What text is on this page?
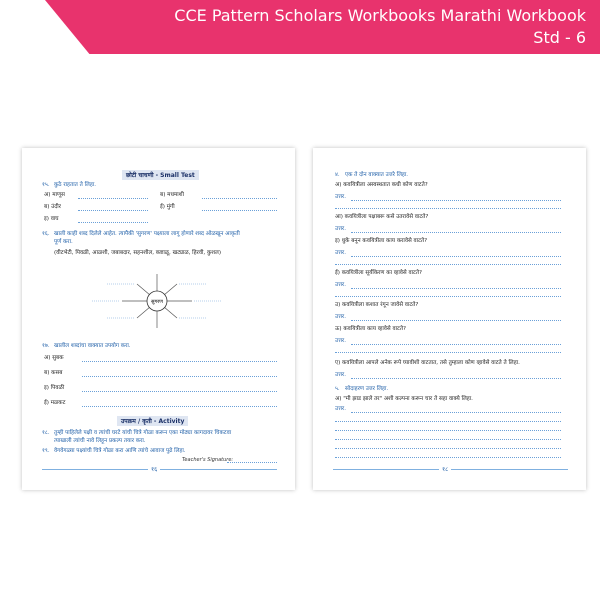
CCE Pattern Scholars Workbooks Marathi Workbook
Std - 6
छोटी चाचणी - Small Test
१५. कुठे राहतात ते लिहा.
अ) माणूस	ब) मधमाशी
ब) उंदीर	ई) मुंगी
इ) वाघ
१६. खाली काही शब्द दिलेले आहेत. त्यापैकी 'सुगरण' पक्ष्याला लागू होणारे शब्द ओळखून आकृती
पूर्ण करा.
(वीटभेटी, पिवळी, आळशी, जबाबदार, सहनशील, कष्टाळू, खट्याळ, हिरवी, कुशल)
सुगरण
१७. खालील शब्दांचा वाक्यात उपयोग करा.
अ) सुबक
ब) कसब
इ) पिवळी
ई) मळकट
उपक्रम / कृती - Activity
१८. तुम्ही पाहिलेले पक्षी व त्यांची घरटे यांची चित्रे गोळा करून एका मोठ्या कागदावर चिकटवा
त्याखाली त्यांची नावे लिहून प्रकल्प तयार करा.
१९. वेगवेगळ्या पक्ष्यांची चित्रे गोळा करा आणि त्यांचे आवाज पुढे लिहा.
Teacher's Signature:
१६
४. एक ते दोन वाक्यात उत्तरे लिहा.
अ) कवयित्रीला अस्वस्थतात कधी कोण वाटते?
उत्तर.
आ) कवयित्रीला पक्षाबरू कसे उतरावेसे वाटते?
उत्तर.
इ) धुके बनून कवयित्रीला काय करावेसे वाटते?
उत्तर.
ई) कवयित्रीला सूर्यकिरण का व्हावेसे वाटते?
उत्तर.
उ) कवयित्रीला कशात रंगून जावेसे वाटते?
उत्तर.
ऊ) कवयित्रीला काय व्हावेसे वाटते?
उत्तर.
ए) कवयित्रीला आपले अनेक रूपे घ्यावीशी वाटतात, तसे तुम्हाला कोण व्हावेसे वाटते ते लिहा.
उत्तर.
५. सोदाहरण उत्तर लिहा.
अ) "मी झाड झाले तर" अशी कल्पना करून चार ते सहा वाक्ये लिहा.
उत्तर.
१८
